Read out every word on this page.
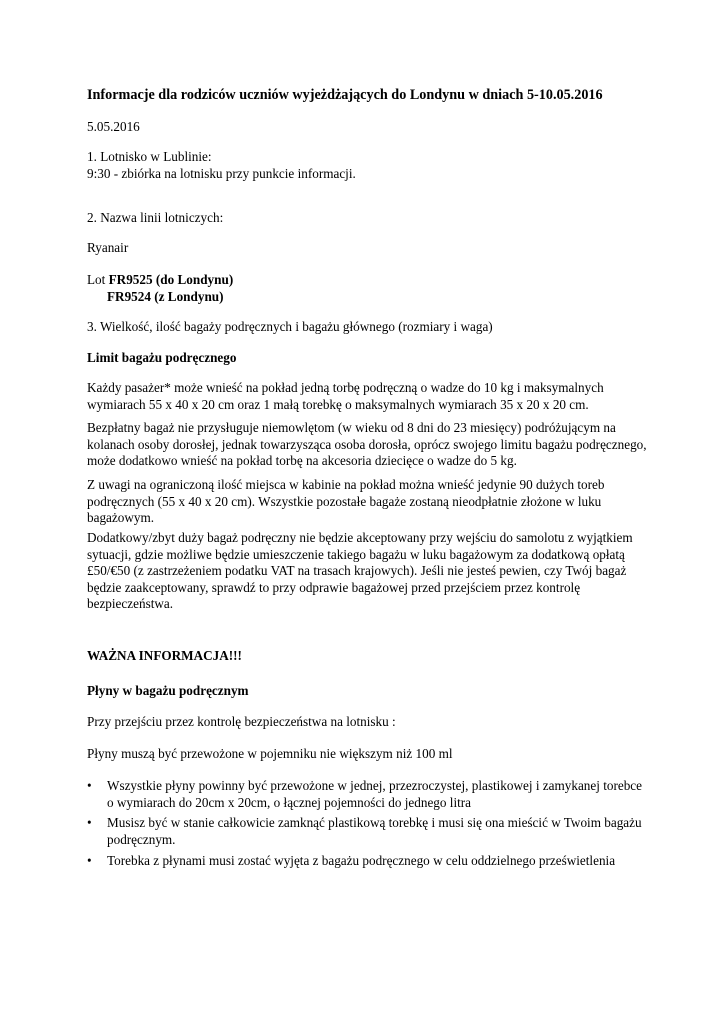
Informacje dla rodziców uczniów wyjeżdżających do Londynu w dniach 5-10.05.2016

5.05.2016

1. Lotnisko w Lublinie:
9:30 - zbiórka na lotnisku przy punkcie informacji.

2. Nazwa linii lotniczych:

Ryanair

Lot FR9525 (do Londynu)
FR9524 (z Londynu)

3. Wielkość, ilość bagaży podręcznych i bagażu głównego (rozmiary i waga)

Limit bagażu podręcznego

Każdy pasażer* może wnieść na pokład jedną torbę podręczną o wadze do 10 kg i maksymalnych wymiarach 55 x 40 x 20 cm oraz 1 małą torebkę o maksymalnych wymiarach 35 x 20 x 20 cm.

Bezpłatny bagaż nie przysługuje niemowlętom (w wieku od 8 dni do 23 miesięcy) podróżującym na kolanach osoby dorosłej, jednak towarzysząca osoba dorosła, oprócz swojego limitu bagażu podręcznego, może dodatkowo wnieść na pokład torbę na akcesoria dziecięce o wadze do 5 kg.

Z uwagi na ograniczoną ilość miejsca w kabinie na pokład można wnieść jedynie 90 dużych toreb podręcznych (55 x 40 x 20 cm). Wszystkie pozostałe bagaże zostaną nieodpłatnie złożone w luku bagażowym.

Dodatkowy/zbyt duży bagaż podręczny nie będzie akceptowany przy wejściu do samolotu z wyjątkiem sytuacji, gdzie możliwe będzie umieszczenie takiego bagażu w luku bagażowym za dodatkową opłatą £50/€50 (z zastrzeżeniem podatku VAT na trasach krajowych). Jeśli nie jesteś pewien, czy Twój bagaż będzie zaakceptowany, sprawdź to przy odprawie bagażowej przed przejściem przez kontrolę bezpieczeństwa.

WAŻNA INFORMACJA!!!

Płyny w bagażu podręcznym

Przy przejściu przez kontrolę bezpieczeństwa na lotnisku :

Płyny muszą być przewożone w pojemniku nie większym niż 100 ml

•	Wszystkie płyny powinny być przewożone w jednej, przezroczystej, plastikowej i zamykanej torebce o wymiarach do 20cm x 20cm, o łącznej pojemności do jednego litra
•	Musisz być w stanie całkowicie zamknąć plastikową torebkę i musi się ona mieścić w Twoim bagażu podręcznym.
•	Torebka z płynami musi zostać wyjęta z bagażu podręcznego w celu oddzielnego prześwietlenia
